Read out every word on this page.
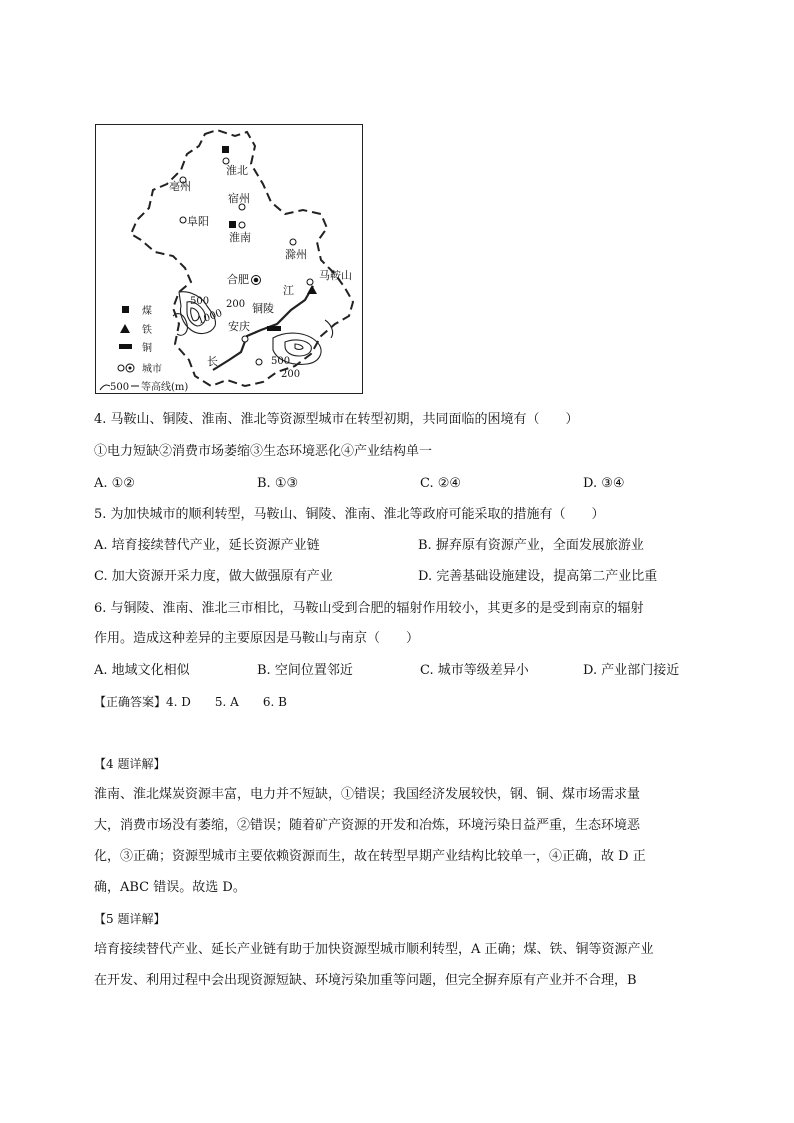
淮北
亳州
宿州
阜阳
淮南
滁州
合肥	马鞍山
铜陵
安庆
江
长
500 200
1000
500
200
煤
铁
铜
城市
500 等高线(m)
4. 马鞍山、铜陵、淮南、淮北等资源型城市在转型初期，共同面临的困境有（　　）
①电力短缺②消费市场萎缩③生态环境恶化④产业结构单一
A. ①②	B. ①③	C. ②④	D. ③④
5. 为加快城市的顺利转型，马鞍山、铜陵、淮南、淮北等政府可能采取的措施有（　　）
A. 培育接续替代产业，延长资源产业链	B. 摒弃原有资源产业，全面发展旅游业
C. 加大资源开采力度，做大做强原有产业	D. 完善基础设施建设，提高第二产业比重
6. 与铜陵、淮南、淮北三市相比，马鞍山受到合肥的辐射作用较小，其更多的是受到南京的辐射
作用。造成这种差异的主要原因是马鞍山与南京（　　）
A. 地域文化相似	B. 空间位置邻近	C. 城市等级差异小	D. 产业部门接近
【正确答案】4. D　　5. A　　6. B
【4 题详解】
淮南、淮北煤炭资源丰富，电力并不短缺，①错误；我国经济发展较快，钢、铜、煤市场需求量
大，消费市场没有萎缩，②错误；随着矿产资源的开发和冶炼，环境污染日益严重，生态环境恶
化，③正确；资源型城市主要依赖资源而生，故在转型早期产业结构比较单一，④正确，故 D 正
确，ABC 错误。故选 D。
【5 题详解】
培育接续替代产业、延长产业链有助于加快资源型城市顺利转型，A 正确；煤、铁、铜等资源产业
在开发、利用过程中会出现资源短缺、环境污染加重等问题，但完全摒弃原有产业并不合理，B
